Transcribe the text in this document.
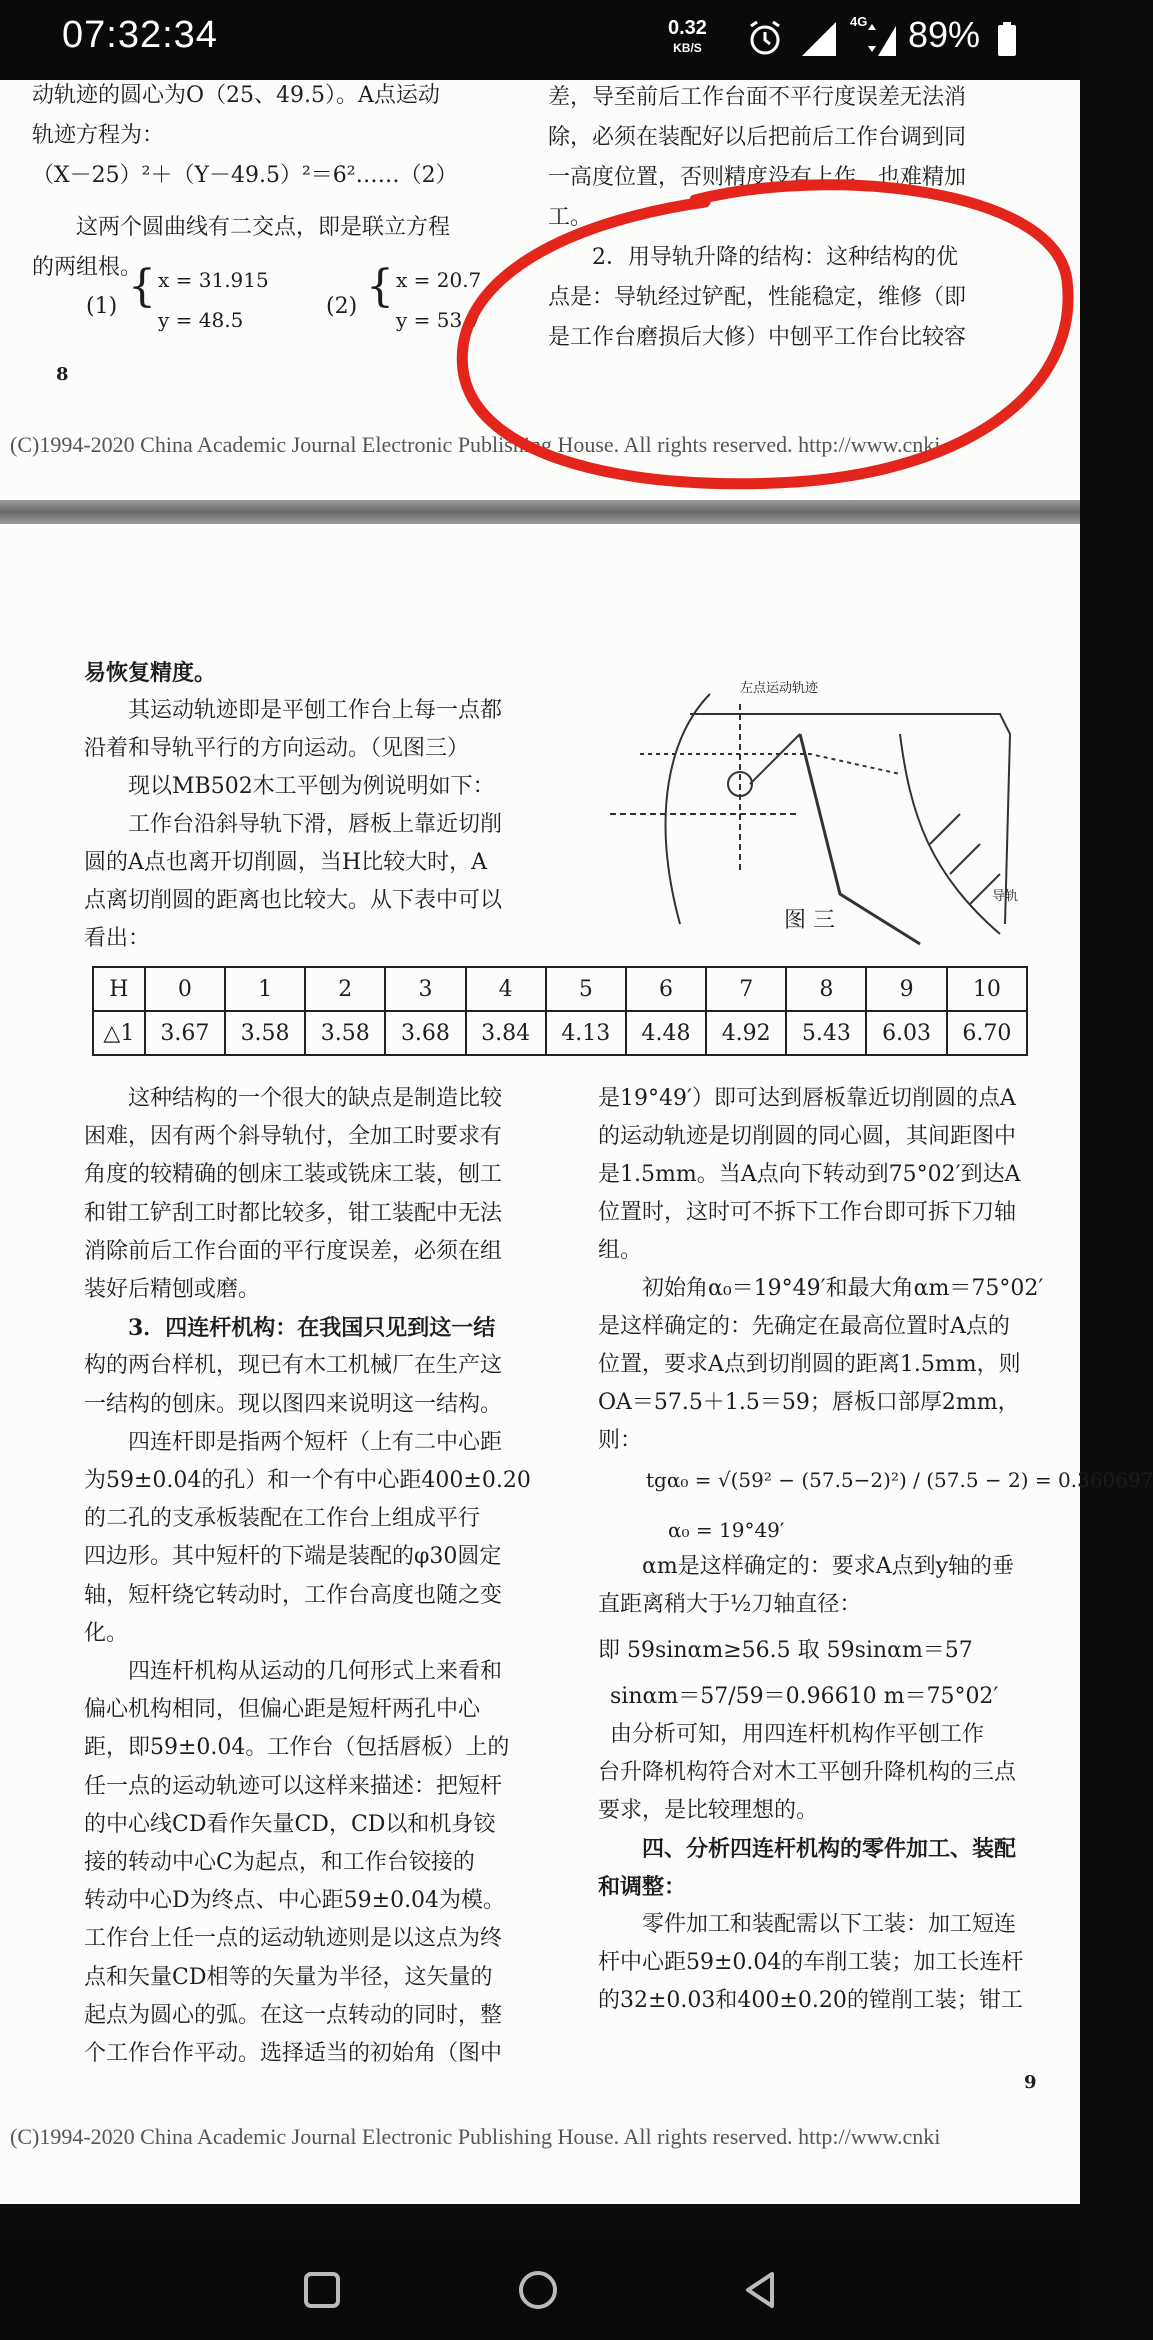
07:32:34	0.32
KB/S
4G 89%

动轨迹的圆心为O（25、49.5）。A点运动

轨迹方程为：

（X－25）²＋（Y－49.5）²＝6²……（2）

这两个圆曲线有二交点，即是联立方程

的两组根。

(1) { x = 31.915
y = 48.5
(2) { x = 20.7
y = 53.7
8

差，导至前后工作台面不平行度误差无法消

除，必须在装配好以后把前后工作台调到同

一高度位置，否则精度没有上作，也难精加

工。

2．用导轨升降的结构：这种结构的优

点是：导轨经过铲配，性能稳定，维修（即

是工作台磨损后大修）中刨平工作台比较容

(C)1994-2020 China Academic Journal Electronic Publishing House. All rights reserved. http://www.cnki

易恢复精度。

其运动轨迹即是平刨工作台上每一点都

沿着和导轨平行的方向运动。（见图三）

现以MB502木工平刨为例说明如下：

工作台沿斜导轨下滑，唇板上靠近切削

圆的A点也离开切削圆，当H比较大时，A

点离切削圆的距离也比较大。从下表中可以

看出：

左点运动轨迹
导轨
图 三
H	0	1	2	3	4	5	6	7	8	9	10
△1	3.67	3.58	3.58	3.68	3.84	4.13	4.48	4.92	5.43	6.03	6.70

这种结构的一个很大的缺点是制造比较

困难，因有两个斜导轨付，全加工时要求有

角度的较精确的刨床工装或铣床工装，刨工

和钳工铲刮工时都比较多，钳工装配中无法

消除前后工作台面的平行度误差，必须在组

装好后精刨或磨。

3．四连杆机构：在我国只见到这一结

构的两台样机，现已有木工机械厂在生产这

一结构的刨床。现以图四来说明这一结构。

四连杆即是指两个短杆（上有二中心距

为59±0.04的孔）和一个有中心距400±0.20

的二孔的支承板装配在工作台上组成平行

四边形。其中短杆的下端是装配的φ30圆定

轴，短杆绕它转动时，工作台高度也随之变

化。

四连杆机构从运动的几何形式上来看和

偏心机构相同，但偏心距是短杆两孔中心

距，即59±0.04。工作台（包括唇板）上的

任一点的运动轨迹可以这样来描述：把短杆

的中心线CD看作矢量CD，CD以和机身铰

接的转动中心C为起点，和工作台铰接的

转动中心D为终点、中心距59±0.04为模。

工作台上任一点的运动轨迹则是以这点为终

点和矢量CD相等的矢量为半径，这矢量的

起点为圆心的弧。在这一点转动的同时，整

个工作台作平动。选择适当的初始角（图中

是19°49′）即可达到唇板靠近切削圆的点A

的运动轨迹是切削圆的同心圆，其间距图中

是1.5mm。当A点向下转动到75°02′到达A

位置时，这时可不拆下工作台即可拆下刀轴

组。

初始角α₀＝19°49′和最大角αm＝75°02′

是这样确定的：先确定在最高位置时A点的

位置，要求A点到切削圆的距离1.5mm，则

OA＝57.5＋1.5＝59；唇板口部厚2mm，

则：

tgα₀ = √(59² − (57.5−2)²) / (57.5 − 2) = 0.360697
α₀ = 19°49′

αm是这样确定的：要求A点到y轴的垂

直距离稍大于½刀轴直径：

即 59sinαm≥56.5 取 59sinαm＝57

sinαm＝57/59＝0.96610 m＝75°02′

由分析可知，用四连杆机构作平刨工作

台升降机构符合对木工平刨升降机构的三点

要求，是比较理想的。

四、分析四连杆机构的零件加工、装配

和调整：

零件加工和装配需以下工装：加工短连

杆中心距59±0.04的车削工装；加工长连杆

的32±0.03和400±0.20的镗削工装；钳工

9
(C)1994-2020 China Academic Journal Electronic Publishing House. All rights reserved. http://www.cnki
